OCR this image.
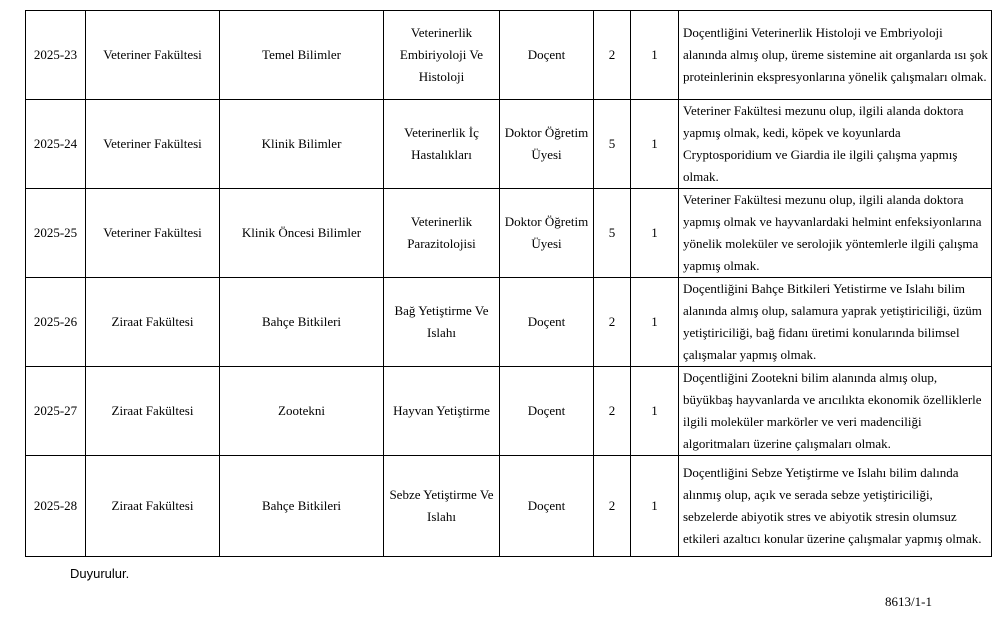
2025-23	Veteriner Fakültesi	Temel Bilimler	Veterinerlik Embiriyoloji Ve Histoloji	Doçent	2	1	Doçentliğini Veterinerlik Histoloji ve Embriyoloji alanında almış olup, üreme sistemine ait organlarda ısı şok proteinlerinin ekspresyonlarına yönelik çalışmaları olmak.
2025-24	Veteriner Fakültesi	Klinik Bilimler	Veterinerlik İç Hastalıkları	Doktor Öğretim Üyesi	5	1	Veteriner Fakültesi mezunu olup, ilgili alanda doktora yapmış olmak, kedi, köpek ve koyunlarda Cryptosporidium ve Giardia ile ilgili çalışma yapmış olmak.
2025-25	Veteriner Fakültesi	Klinik Öncesi Bilimler	Veterinerlik Parazitolojisi	Doktor Öğretim Üyesi	5	1	Veteriner Fakültesi mezunu olup, ilgili alanda doktora yapmış olmak ve hayvanlardaki helmint enfeksiyonlarına yönelik moleküler ve serolojik yöntemlerle ilgili çalışma yapmış olmak.
2025-26	Ziraat Fakültesi	Bahçe Bitkileri	Bağ Yetiştirme Ve Islahı	Doçent	2	1	Doçentliğini Bahçe Bitkileri Yetistirme ve Islahı bilim alanında almış olup, salamura yaprak yetiştiriciliği, üzüm yetiştiriciliği, bağ fidanı üretimi konularında bilimsel çalışmalar yapmış olmak.
2025-27	Ziraat Fakültesi	Zootekni	Hayvan Yetiştirme	Doçent	2	1	Doçentliğini Zootekni bilim alanında almış olup, büyükbaş hayvanlarda ve arıcılıkta ekonomik özelliklerle ilgili moleküler markörler ve veri madenciliği algoritmaları üzerine çalışmaları olmak.
2025-28	Ziraat Fakültesi	Bahçe Bitkileri	Sebze Yetiştirme Ve Islahı	Doçent	2	1	Doçentliğini Sebze Yetiştirme ve Islahı bilim dalında alınmış olup, açık ve serada sebze yetiştiriciliği, sebzelerde abiyotik stres ve abiyotik stresin olumsuz etkileri azaltıcı konular üzerine çalışmalar yapmış olmak.
Duyurulur.
8613/1-1
